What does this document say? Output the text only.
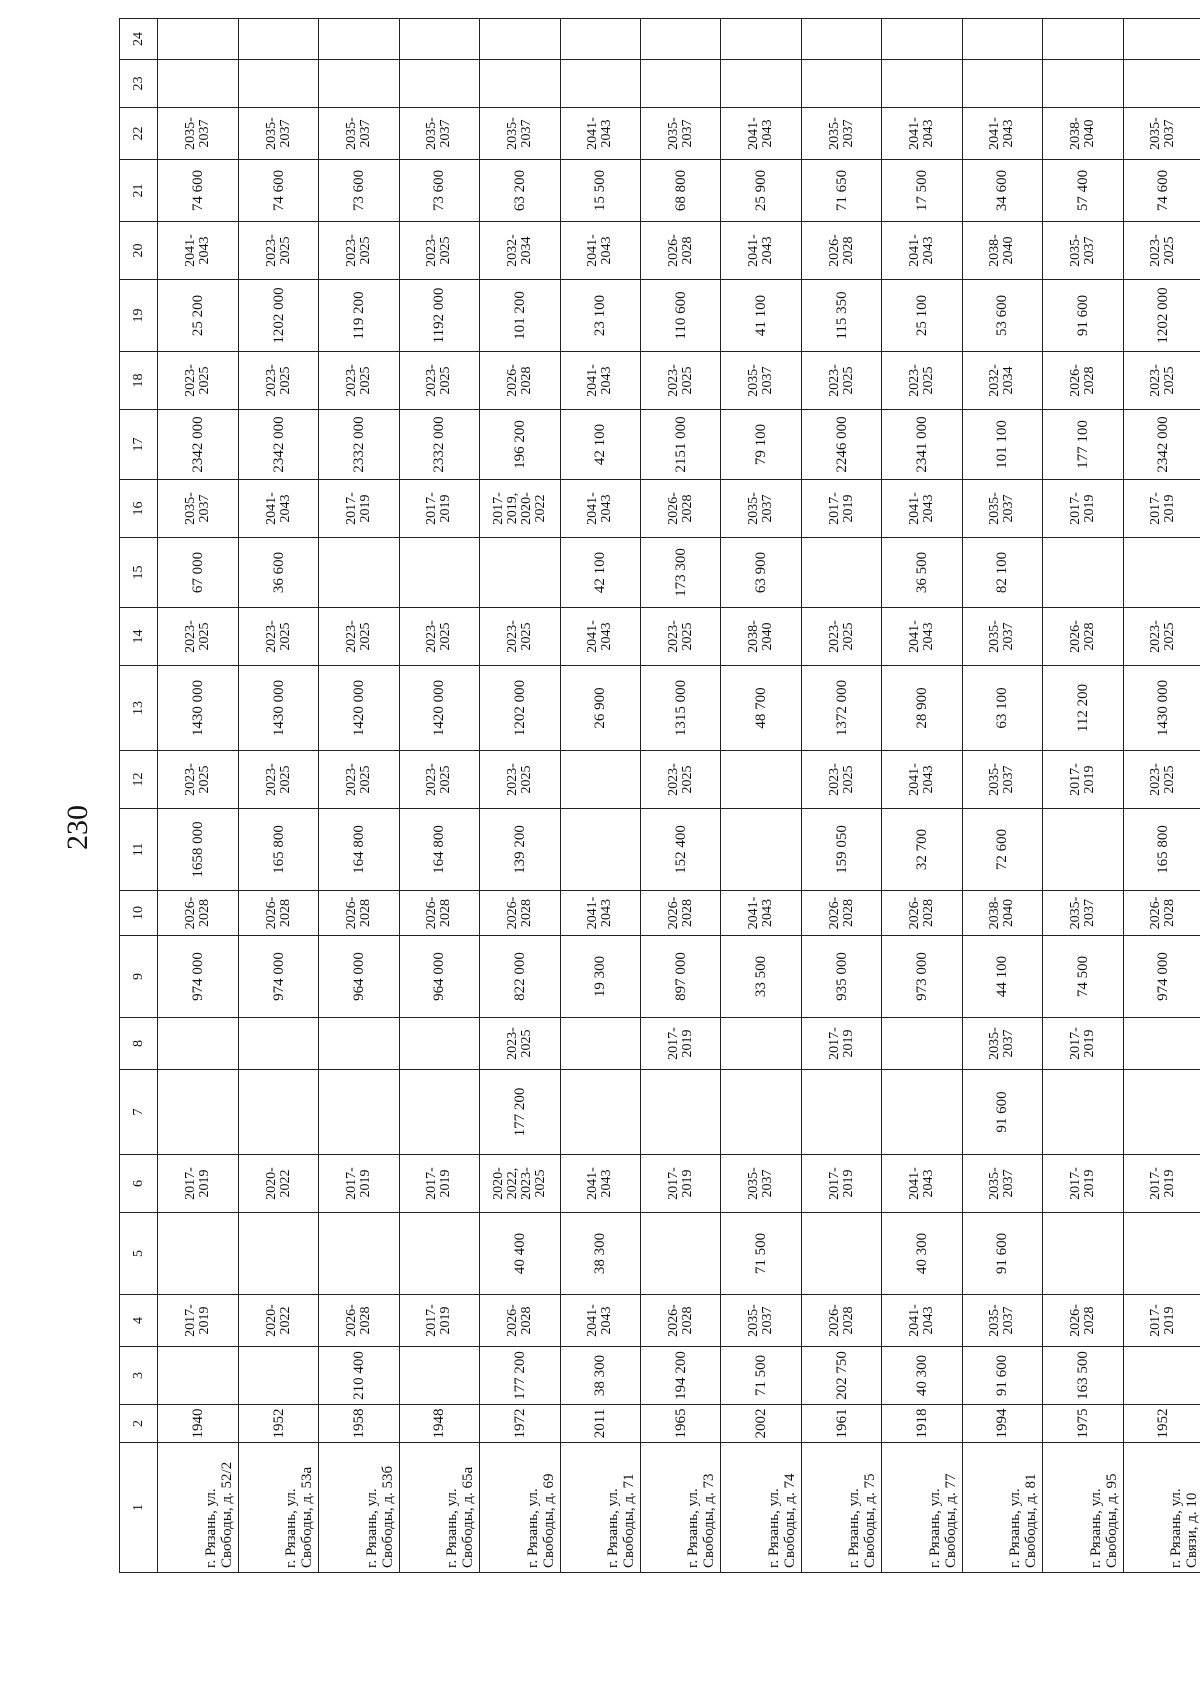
230
1	2	3	4	5	6	7	8	9	10	11	12	13	14	15	16	17	18	19	20	21	22	23	24
г. Рязань, ул. Свободы, д. 52/2	1940		2017-2019		2017-2019			974 000	2026-2028	1658 000	2023-2025	1430 000	2023-2025	67 000	2035-2037	2342 000	2023-2025	25 200	2041-2043	74 600	2035-2037		
г. Рязань, ул. Свободы, д. 53а	1952		2020-2022		2020-2022			974 000	2026-2028	165 800	2023-2025	1430 000	2023-2025	36 600	2041-2043	2342 000	2023-2025	1202 000	2023-2025	74 600	2035-2037		
г. Рязань, ул. Свободы, д. 53б	1958	210 400	2026-2028		2017-2019			964 000	2026-2028	164 800	2023-2025	1420 000	2023-2025		2017-2019	2332 000	2023-2025	119 200	2023-2025	73 600	2035-2037		
г. Рязань, ул. Свободы, д. 65а	1948		2017-2019		2017-2019			964 000	2026-2028	164 800	2023-2025	1420 000	2023-2025		2017-2019	2332 000	2023-2025	1192 000	2023-2025	73 600	2035-2037		
г. Рязань, ул. Свободы, д. 69	1972	177 200	2026-2028	40 400	2020-2022, 2023-2025	177 200	2023-2025	822 000	2026-2028	139 200	2023-2025	1202 000	2023-2025		2017-2019, 2020-2022	196 200	2026-2028	101 200	2032-2034	63 200	2035-2037		
г. Рязань, ул. Свободы, д. 71	2011	38 300	2041-2043	38 300	2041-2043			19 300	2041-2043			26 900	2041-2043	42 100	2041-2043	42 100	2041-2043	23 100	2041-2043	15 500	2041-2043		
г. Рязань, ул. Свободы, д. 73	1965	194 200	2026-2028		2017-2019		2017-2019	897 000	2026-2028	152 400	2023-2025	1315 000	2023-2025	173 300	2026-2028	2151 000	2023-2025	110 600	2026-2028	68 800	2035-2037		
г. Рязань, ул. Свободы, д. 74	2002	71 500	2035-2037	71 500	2035-2037			33 500	2041-2043			48 700	2038-2040	63 900	2035-2037	79 100	2035-2037	41 100	2041-2043	25 900	2041-2043		
г. Рязань, ул. Свободы, д. 75	1961	202 750	2026-2028		2017-2019		2017-2019	935 000	2026-2028	159 050	2023-2025	1372 000	2023-2025		2017-2019	2246 000	2023-2025	115 350	2026-2028	71 650	2035-2037		
г. Рязань, ул. Свободы, д. 77	1918	40 300	2041-2043	40 300	2041-2043			973 000	2026-2028	32 700	2041-2043	28 900	2041-2043	36 500	2041-2043	2341 000	2023-2025	25 100	2041-2043	17 500	2041-2043		
г. Рязань, ул. Свободы, д. 81	1994	91 600	2035-2037	91 600	2035-2037	91 600	2035-2037	44 100	2038-2040	72 600	2035-2037	63 100	2035-2037	82 100	2035-2037	101 100	2032-2034	53 600	2038-2040	34 600	2041-2043		
г. Рязань, ул. Свободы, д. 95	1975	163 500	2026-2028		2017-2019		2017-2019	74 500	2035-2037		2017-2019	112 200	2026-2028		2017-2019	177 100	2026-2028	91 600	2035-2037	57 400	2038-2040		
г. Рязань, ул. Связи, д. 10	1952		2017-2019		2017-2019			974 000	2026-2028	165 800	2023-2025	1430 000	2023-2025		2017-2019	2342 000	2023-2025	1202 000	2023-2025	74 600	2035-2037		
